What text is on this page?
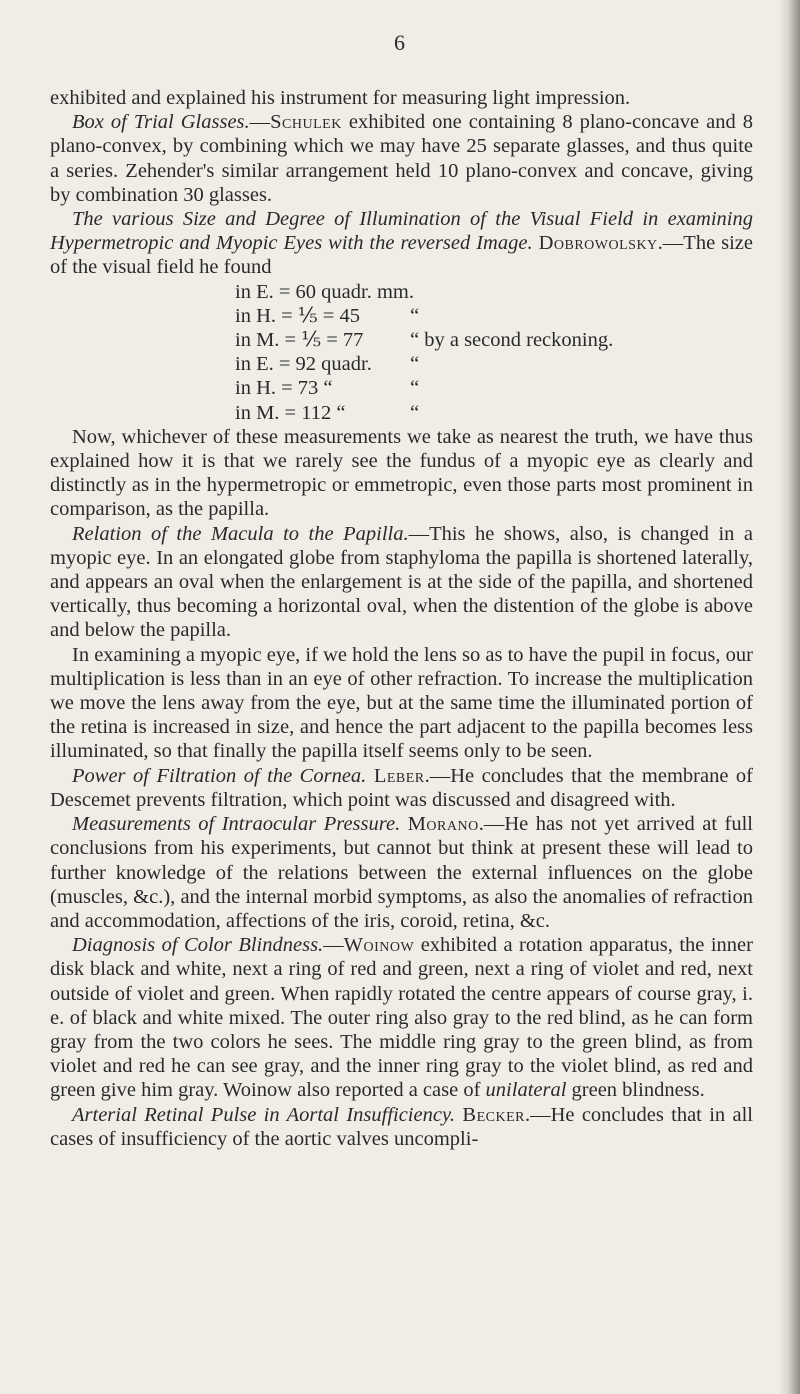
6

exhibited and explained his instrument for measuring light impression.

Box of Trial Glasses.—Schulek exhibited one containing 8 plano-concave and 8 plano-convex, by combining which we may have 25 separate glasses, and thus quite a series. Zehender's similar arrangement held 10 plano-convex and concave, giving by combination 30 glasses.

The various Size and Degree of Illumination of the Visual Field in examining Hypermetropic and Myopic Eyes with the reversed Image. Dobrowolsky.—The size of the visual field he found

in E. = 60 quadr. mm.
in H. = ⅕ = 45	“
in M. = ⅕ = 77	“ by a second reckoning.
in E. = 92 quadr.	“
in H. = 73 “	“
in M. = 112 “	“

Now, whichever of these measurements we take as nearest the truth, we have thus explained how it is that we rarely see the fundus of a myopic eye as clearly and distinctly as in the hypermetropic or emmetropic, even those parts most prominent in comparison, as the papilla.

Relation of the Macula to the Papilla.—This he shows, also, is changed in a myopic eye. In an elongated globe from staphyloma the papilla is shortened laterally, and appears an oval when the enlargement is at the side of the papilla, and shortened vertically, thus becoming a horizontal oval, when the distention of the globe is above and below the papilla.

In examining a myopic eye, if we hold the lens so as to have the pupil in focus, our multiplication is less than in an eye of other refraction. To increase the multiplication we move the lens away from the eye, but at the same time the illuminated portion of the retina is increased in size, and hence the part adjacent to the papilla becomes less illuminated, so that finally the papilla itself seems only to be seen.

Power of Filtration of the Cornea. Leber.—He concludes that the membrane of Descemet prevents filtration, which point was discussed and disagreed with.

Measurements of Intraocular Pressure. Morano.—He has not yet arrived at full conclusions from his experiments, but cannot but think at present these will lead to further knowledge of the relations between the external influences on the globe (muscles, &c.), and the internal morbid symptoms, as also the anomalies of refraction and accommodation, affections of the iris, coroid, retina, &c.

Diagnosis of Color Blindness.—Woinow exhibited a rotation apparatus, the inner disk black and white, next a ring of red and green, next a ring of violet and red, next outside of violet and green. When rapidly rotated the centre appears of course gray, i. e. of black and white mixed. The outer ring also gray to the red blind, as he can form gray from the two colors he sees. The middle ring gray to the green blind, as from violet and red he can see gray, and the inner ring gray to the violet blind, as red and green give him gray. Woinow also reported a case of unilateral green blindness.

Arterial Retinal Pulse in Aortal Insufficiency. Becker.—He concludes that in all cases of insufficiency of the aortic valves uncompli-
